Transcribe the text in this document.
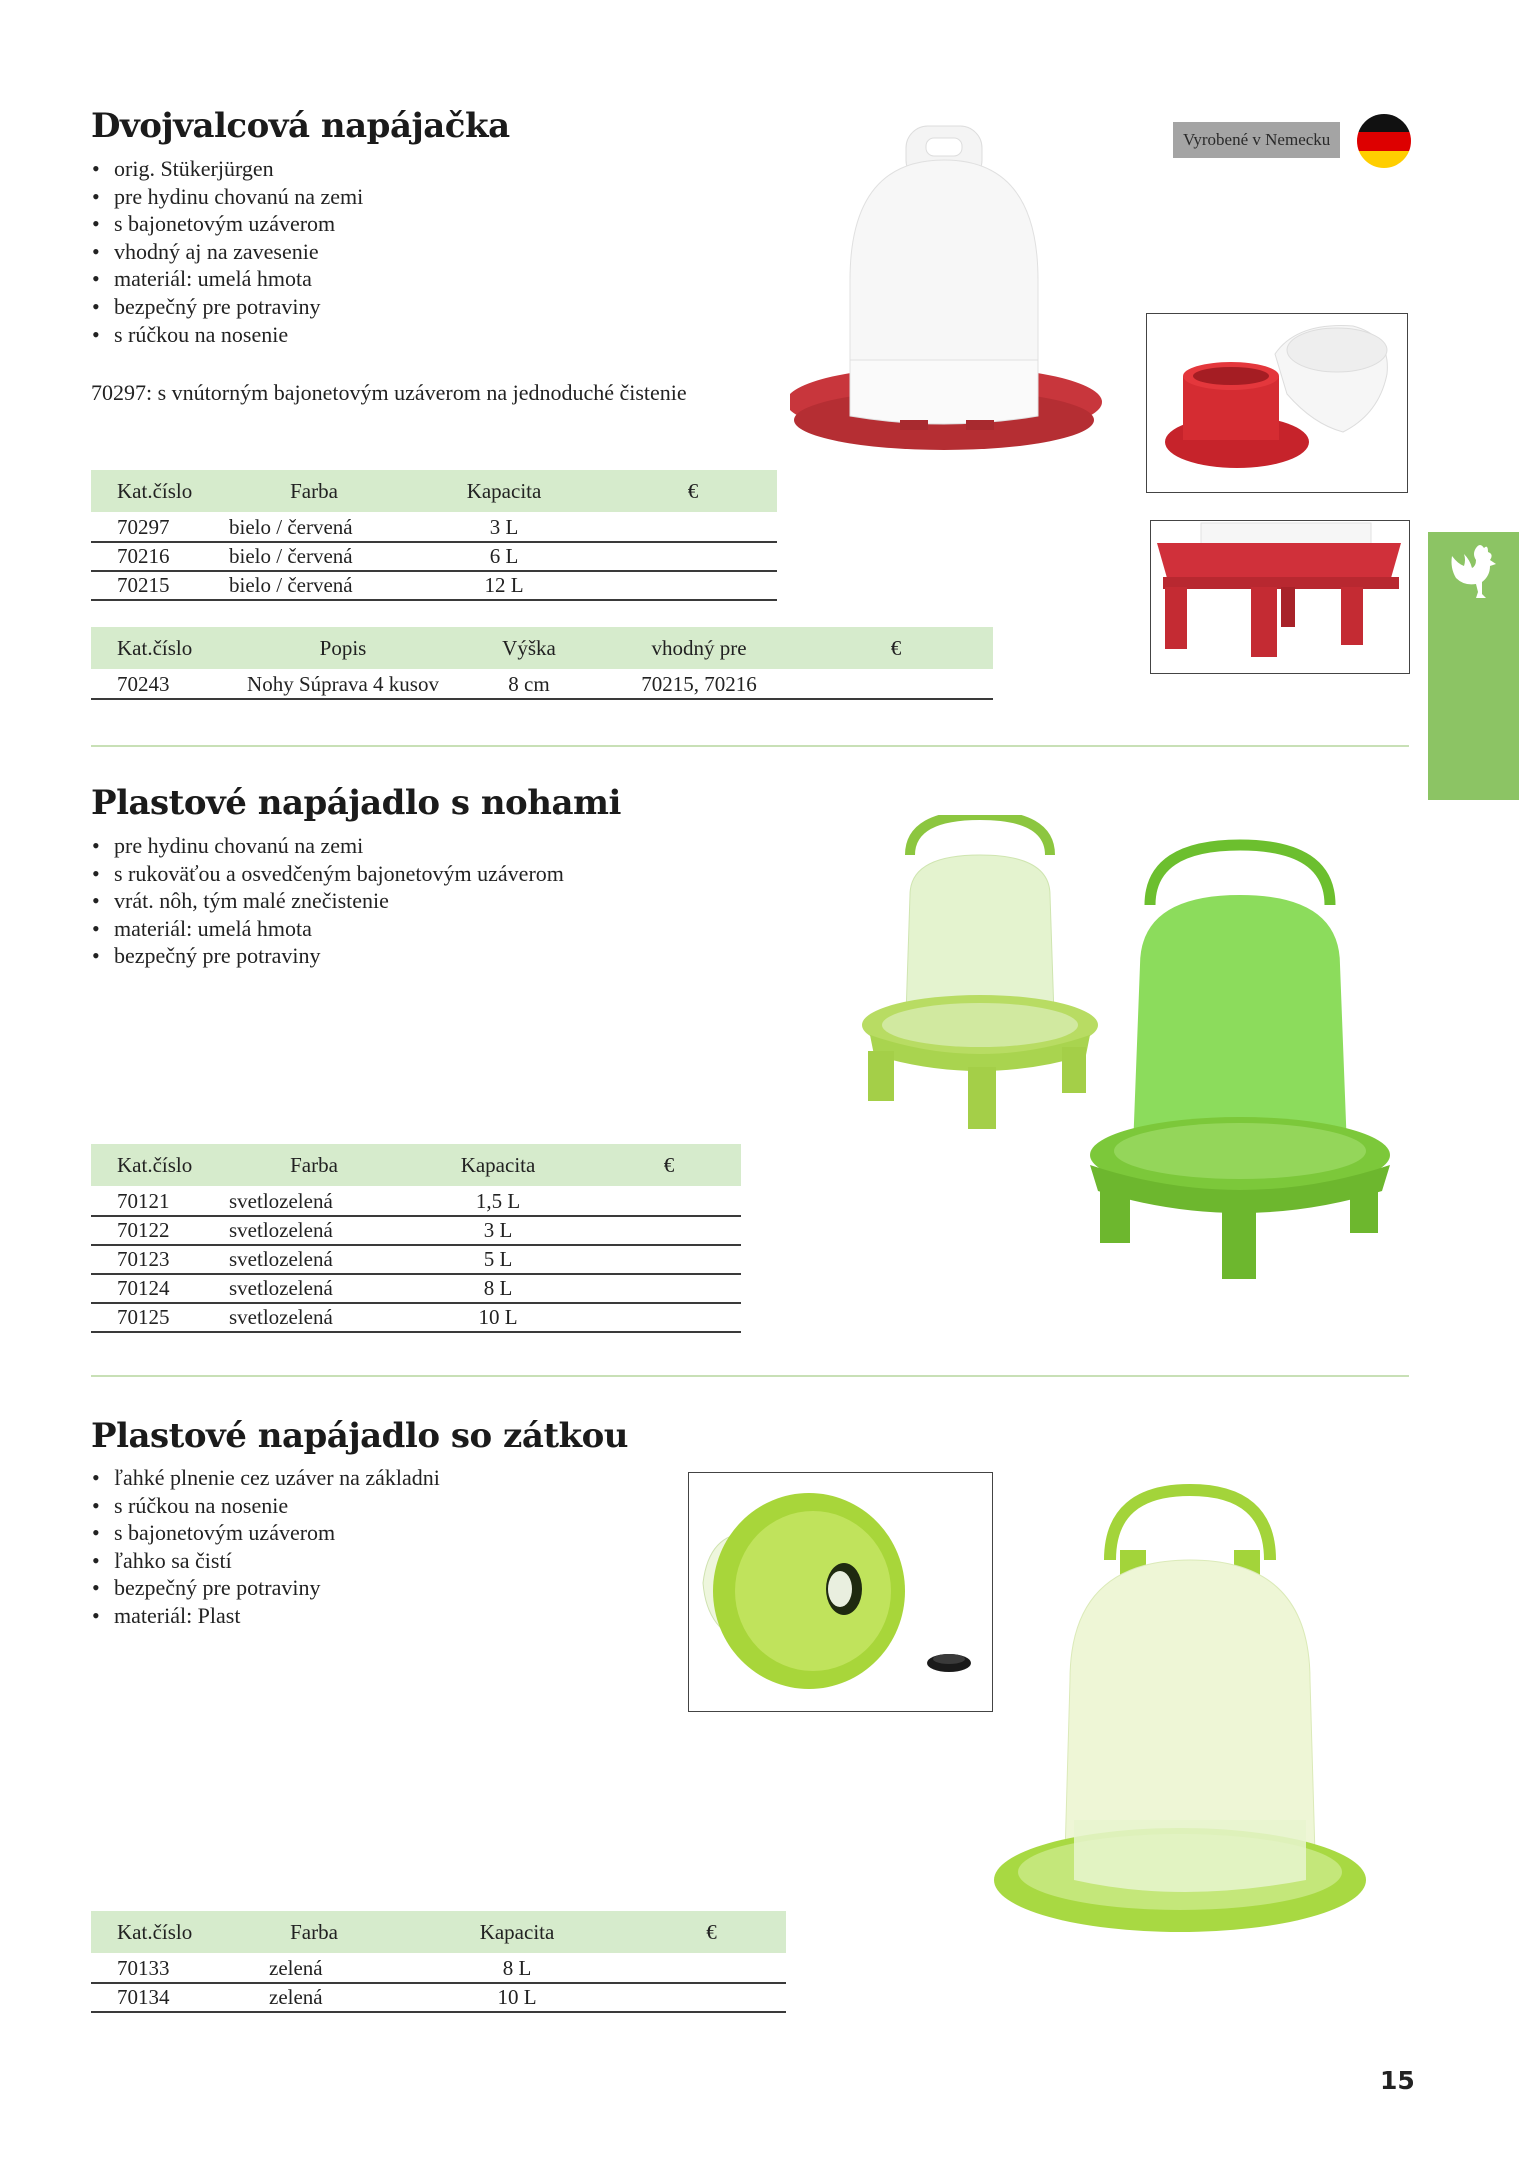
Dvojvalcová napájačka
• orig. Stükerjürgen
• pre hydinu chovanú na zemi
• s bajonetovým uzáverom
• vhodný aj na zavesenie
• materiál: umelá hmota
• bezpečný pre potraviny
• s rúčkou na nosenie
70297: s vnútorným bajonetovým uzáverom na jednoduché čistenie
Kat.číslo	Farba	Kapacita	€
70297	bielo / červená	3 L	
70216	bielo / červená	6 L	
70215	bielo / červená	12 L	
Kat.číslo	Popis	Výška	vhodný pre	€
70243	Nohy Súprava 4 kusov	8 cm	70215, 70216	
Vyrobené v Nemecku
Plastové napájadlo s nohami
• pre hydinu chovanú na zemi
• s rukoväťou a osvedčeným bajonetovým uzáverom
• vrát. nôh, tým malé znečistenie
• materiál: umelá hmota
• bezpečný pre potraviny
Kat.číslo	Farba	Kapacita	€
70121	svetlozelená	1,5 L	
70122	svetlozelená	3 L	
70123	svetlozelená	5 L	
70124	svetlozelená	8 L	
70125	svetlozelená	10 L	
Plastové napájadlo so zátkou
• ľahké plnenie cez uzáver na základni
• s rúčkou na nosenie
• s bajonetovým uzáverom
• ľahko sa čistí
• bezpečný pre potraviny
• materiál: Plast
Kat.číslo	Farba	Kapacita	€
70133	zelená	8 L	
70134	zelená	10 L	
15
